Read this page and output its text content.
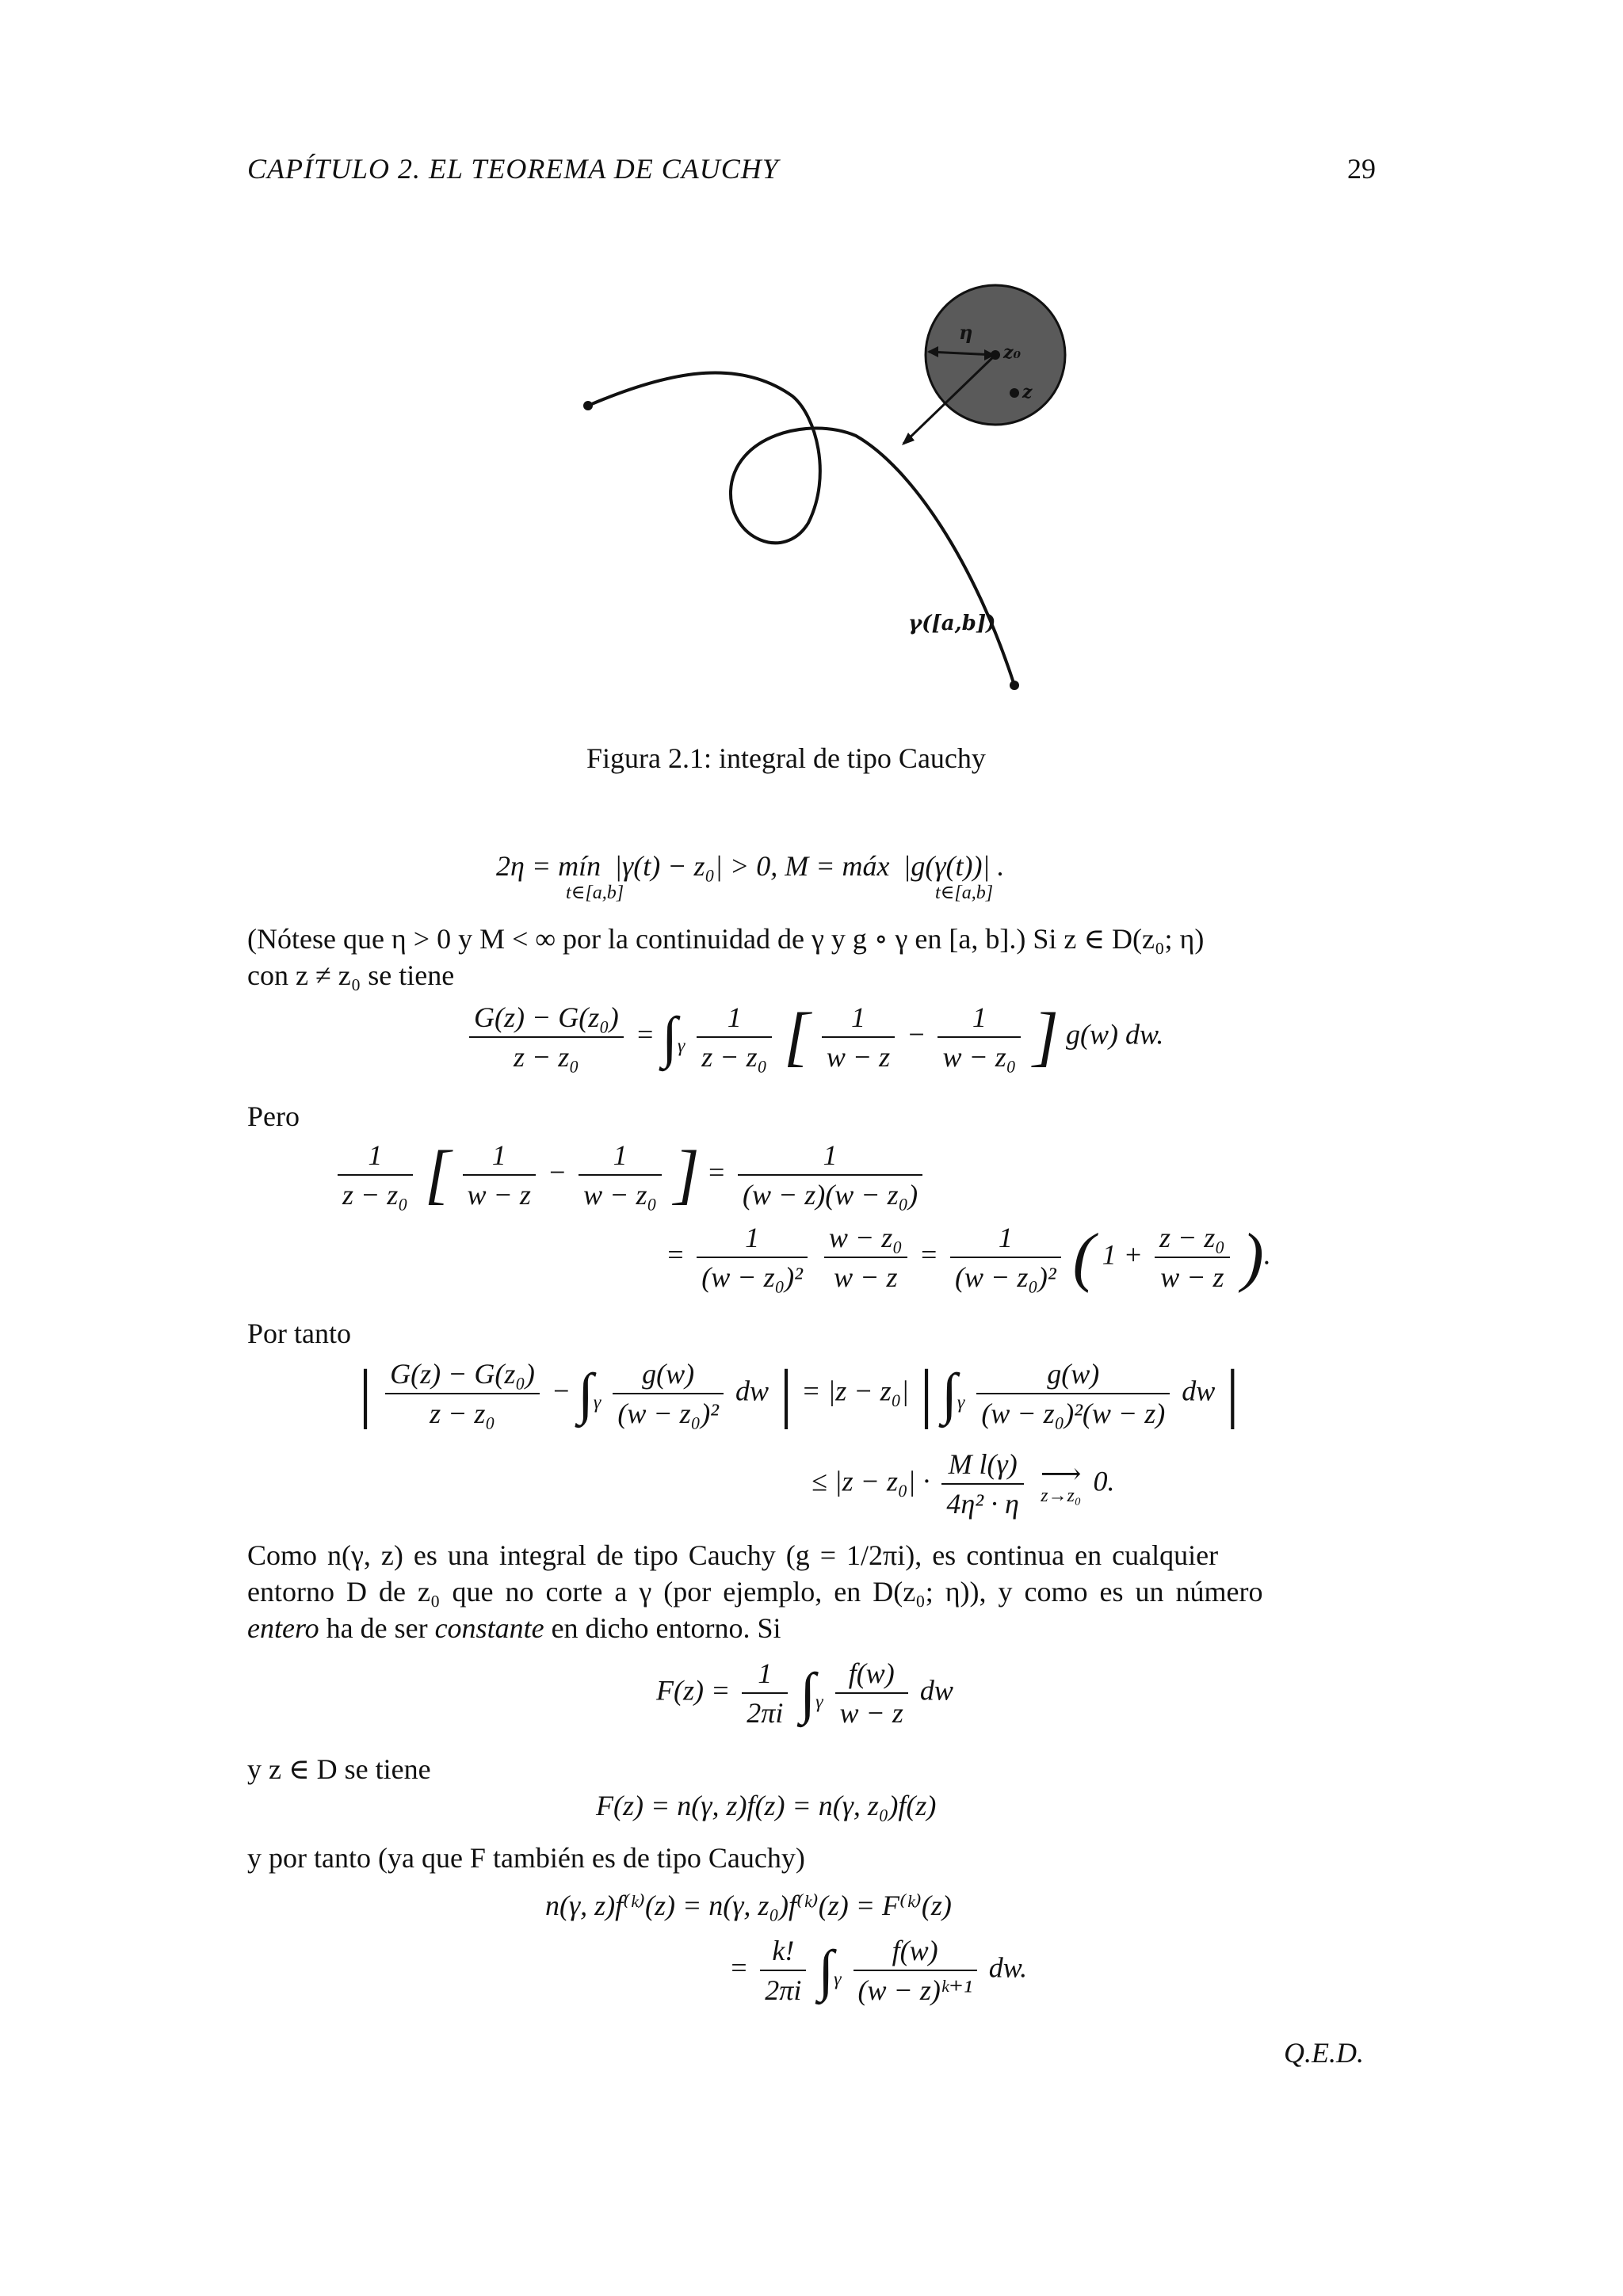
CAPÍTULO 2. EL TEOREMA DE CAUCHY	29
η
z₀
z
γ([a,b])
Figura 2.1: integral de tipo Cauchy
2η = mín |γ(t) − z₀| > 0, M = máx |g(γ(t))| .
t∈[a,b]	t∈[a,b]
(Nótese que η > 0 y M < ∞ por la continuidad de γ y g ∘ γ en [a, b].) Si z ∈ D(z₀; η)
con z ≠ z₀ se tiene
$\frac{\text{G(z) − G(z₀)}}{\text{z − z₀}} = \int_\gamma \frac{1}{\text{z − z₀}}$ [ $\frac{1}{w - z} - \frac{1}{\text{w − z₀}}$ ] g(w) dw.
Pero
$\frac{1}{\text{z − z₀}}$ [ $\frac{1}{w - z} - \frac{1}{\text{w − z₀}}$ ] = $\frac{1}{\text{(w − z)(w − z₀)}}$
= $\frac{1}{\text{(w − z₀)²}}$
$\frac{\text{w − z₀}}{w - z} = \frac{1}{\text{(w − z₀)²}}$ ( $1 + \frac{\text{z − z₀}}{w - z}$ ).
Por tanto
| $\frac{\text{G(z) − G(z₀)}}{\text{z − z₀}} - \int_\gamma \frac{g(w)}{\text{(w − z₀)²}}$ dw | = |z − z₀| | $\int_\gamma \frac{g(w)}{\text{(w − z₀)²(w − z)}}$ dw |
≤ $|z - z_0| \cdot \frac{\text{M l(γ)}}{\text{4η² · η}}$
⟶
z→z₀ 0.
Como n(γ, z) es una integral de tipo Cauchy (g = 1/2πi), es continua en cualquier
entorno D de z₀ que no corte a γ (por ejemplo, en D(z₀; η)), y como es un número
entero ha de ser constante en dicho entorno. Si
$F(z) = \frac{1}{2\pi i} \int_\gamma \frac{f(w)}{w - z}$ dw
y z ∈ D se tiene
F(z) = n(γ, z)f(z) = n(γ, z₀)f(z)
y por tanto (ya que F también es de tipo Cauchy)
n(γ, z)f⁽ᵏ⁾(z) = n(γ, z₀)f⁽ᵏ⁾(z) = F⁽ᵏ⁾(z)
= $\frac{k!}{2\pi i} \int_\gamma \frac{f(w)}{\text{(w − z)ᵏ⁺¹}}$ dw.
Q.E.D.
